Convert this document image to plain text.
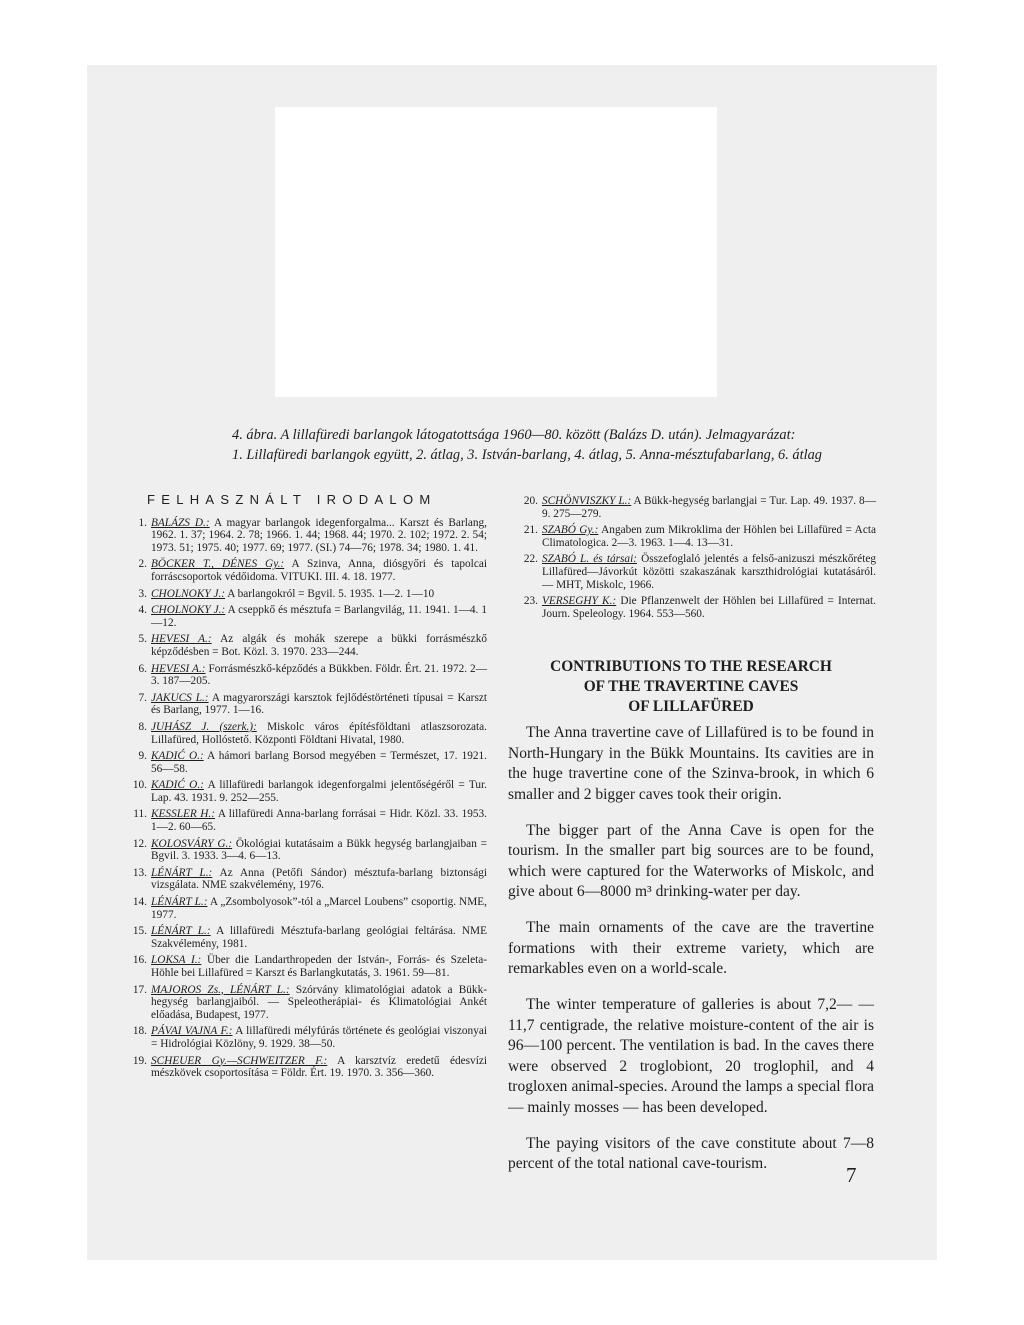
4. ábra. A lillafüredi barlangok látogatottsága 1960—80. között (Balázs D. után). Jelmagyarázat:
1. Lillafüredi barlangok együtt, 2. átlag, 3. István-barlang, 4. átlag, 5. Anna-mésztufabarlang, 6. átlag
FELHASZNÁLT IRODALOM
1. BALÁZS D.: A magyar barlangok idegenforgalma... Karszt és Barlang, 1962. 1. 37; 1964. 2. 78; 1966. 1. 44; 1968. 44; 1970. 2. 102; 1972. 2. 54; 1973. 51; 1975. 40; 1977. 69; 1977. (SI.) 74—76; 1978. 34; 1980. 1. 41.
2. BÖCKER T., DÉNES Gy.: A Szinva, Anna, diósgyőri és tapolcai forráscsoportok védőidoma. VITUKI. III. 4. 18. 1977.
3. CHOLNOKY J.: A barlangokról = Bgvil. 5. 1935. 1—2. 1—10
4. CHOLNOKY J.: A cseppkő és mésztufa = Barlangvilág, 11. 1941. 1—4. 1—12.
5. HEVESI A.: Az algák és mohák szerepe a bükki forrásmészkő képződésben = Bot. Közl. 3. 1970. 233—244.
6. HEVESI A.: Forrásmészkő-képződés a Bükkben. Földr. Ért. 21. 1972. 2—3. 187—205.
7. JAKUCS L.: A magyarországi karsztok fejlődéstörténeti típusai = Karszt és Barlang, 1977. 1—16.
8. JUHÁSZ J. (szerk.): Miskolc város építésföldtani atlaszsorozata. Lillafüred, Hollóstető. Központi Földtani Hivatal, 1980.
9. KADIĆ O.: A hámori barlang Borsod megyében = Természet, 17. 1921. 56—58.
10. KADIĆ O.: A lillafüredi barlangok idegenforgalmi jelentőségéről = Tur. Lap. 43. 1931. 9. 252—255.
11. KESSLER H.: A lillafüredi Anna-barlang forrásai = Hidr. Közl. 33. 1953. 1—2. 60—65.
12. KOLOSVÁRY G.: Ökológiai kutatásaim a Bükk hegység barlangjaiban = Bgvil. 3. 1933. 3—4. 6—13.
13. LÉNÁRT L.: Az Anna (Petőfi Sándor) mésztufa-barlang biztonsági vizsgálata. NME szakvélemény, 1976.
14. LÉNÁRT L.: A „Zsombolyosok”-tól a „Marcel Loubens” csoportig. NME, 1977.
15. LÉNÁRT L.: A lillafüredi Mésztufa-barlang geológiai feltárása. NME Szakvélemény, 1981.
16. LOKSA I.: Über die Landarthropeden der István-, Forrás- és Szeleta-Höhle bei Lillafüred = Karszt és Barlangkutatás, 3. 1961. 59—81.
17. MAJOROS Zs., LÉNÁRT L.: Szórvány klimatológiai adatok a Bükk-hegység barlangjaiból. — Speleotherápiai- és Klimatológiai Ankét előadása, Budapest, 1977.
18. PÁVAI VAJNA F.: A lillafüredi mélyfúrás története és geológiai viszonyai = Hidrológiai Közlöny, 9. 1929. 38—50.
19. SCHEUER Gy.—SCHWEITZER F.: A karsztvíz eredetű édesvízi mészkövek csoportosítása = Földr. Ért. 19. 1970. 3. 356—360.
20. SCHÖNVISZKY L.: A Bükk-hegység barlangjai = Tur. Lap. 49. 1937. 8—9. 275—279.
21. SZABÓ Gy.: Angaben zum Mikroklima der Höhlen bei Lillafüred = Acta Climatologica. 2—3. 1963. 1—4. 13—31.
22. SZABÓ L. és társai: Összefoglaló jelentés a felső-anizuszi mészkőréteg Lillafüred—Jávorkút közötti szakaszának karszthidrológiai kutatásáról. — MHT, Miskolc, 1966.
23. VERSEGHY K.: Die Pflanzenwelt der Höhlen bei Lillafüred = Internat. Journ. Speleology. 1964. 553—560.
CONTRIBUTIONS TO THE RESEARCH
OF THE TRAVERTINE CAVES
OF LILLAFÜRED

The Anna travertine cave of Lillafüred is to be found in North-Hungary in the Bükk Mountains. Its cavities are in the huge travertine cone of the Szinva-brook, in which 6 smaller and 2 bigger caves took their origin.

The bigger part of the Anna Cave is open for the tourism. In the smaller part big sources are to be found, which were captured for the Waterworks of Miskolc, and give about 6—8000 m³ drinking-water per day.

The main ornaments of the cave are the travertine formations with their extreme variety, which are remarkables even on a world-scale.

The winter temperature of galleries is about 7,2— —11,7 centigrade, the relative moisture-content of the air is 96—100 percent. The ventilation is bad. In the caves there were observed 2 troglobiont, 20 troglophil, and 4 trogloxen animal-species. Around the lamps a special flora — mainly mosses — has been developed.

The paying visitors of the cave constitute about 7—8 percent of the total national cave-tourism.	7
